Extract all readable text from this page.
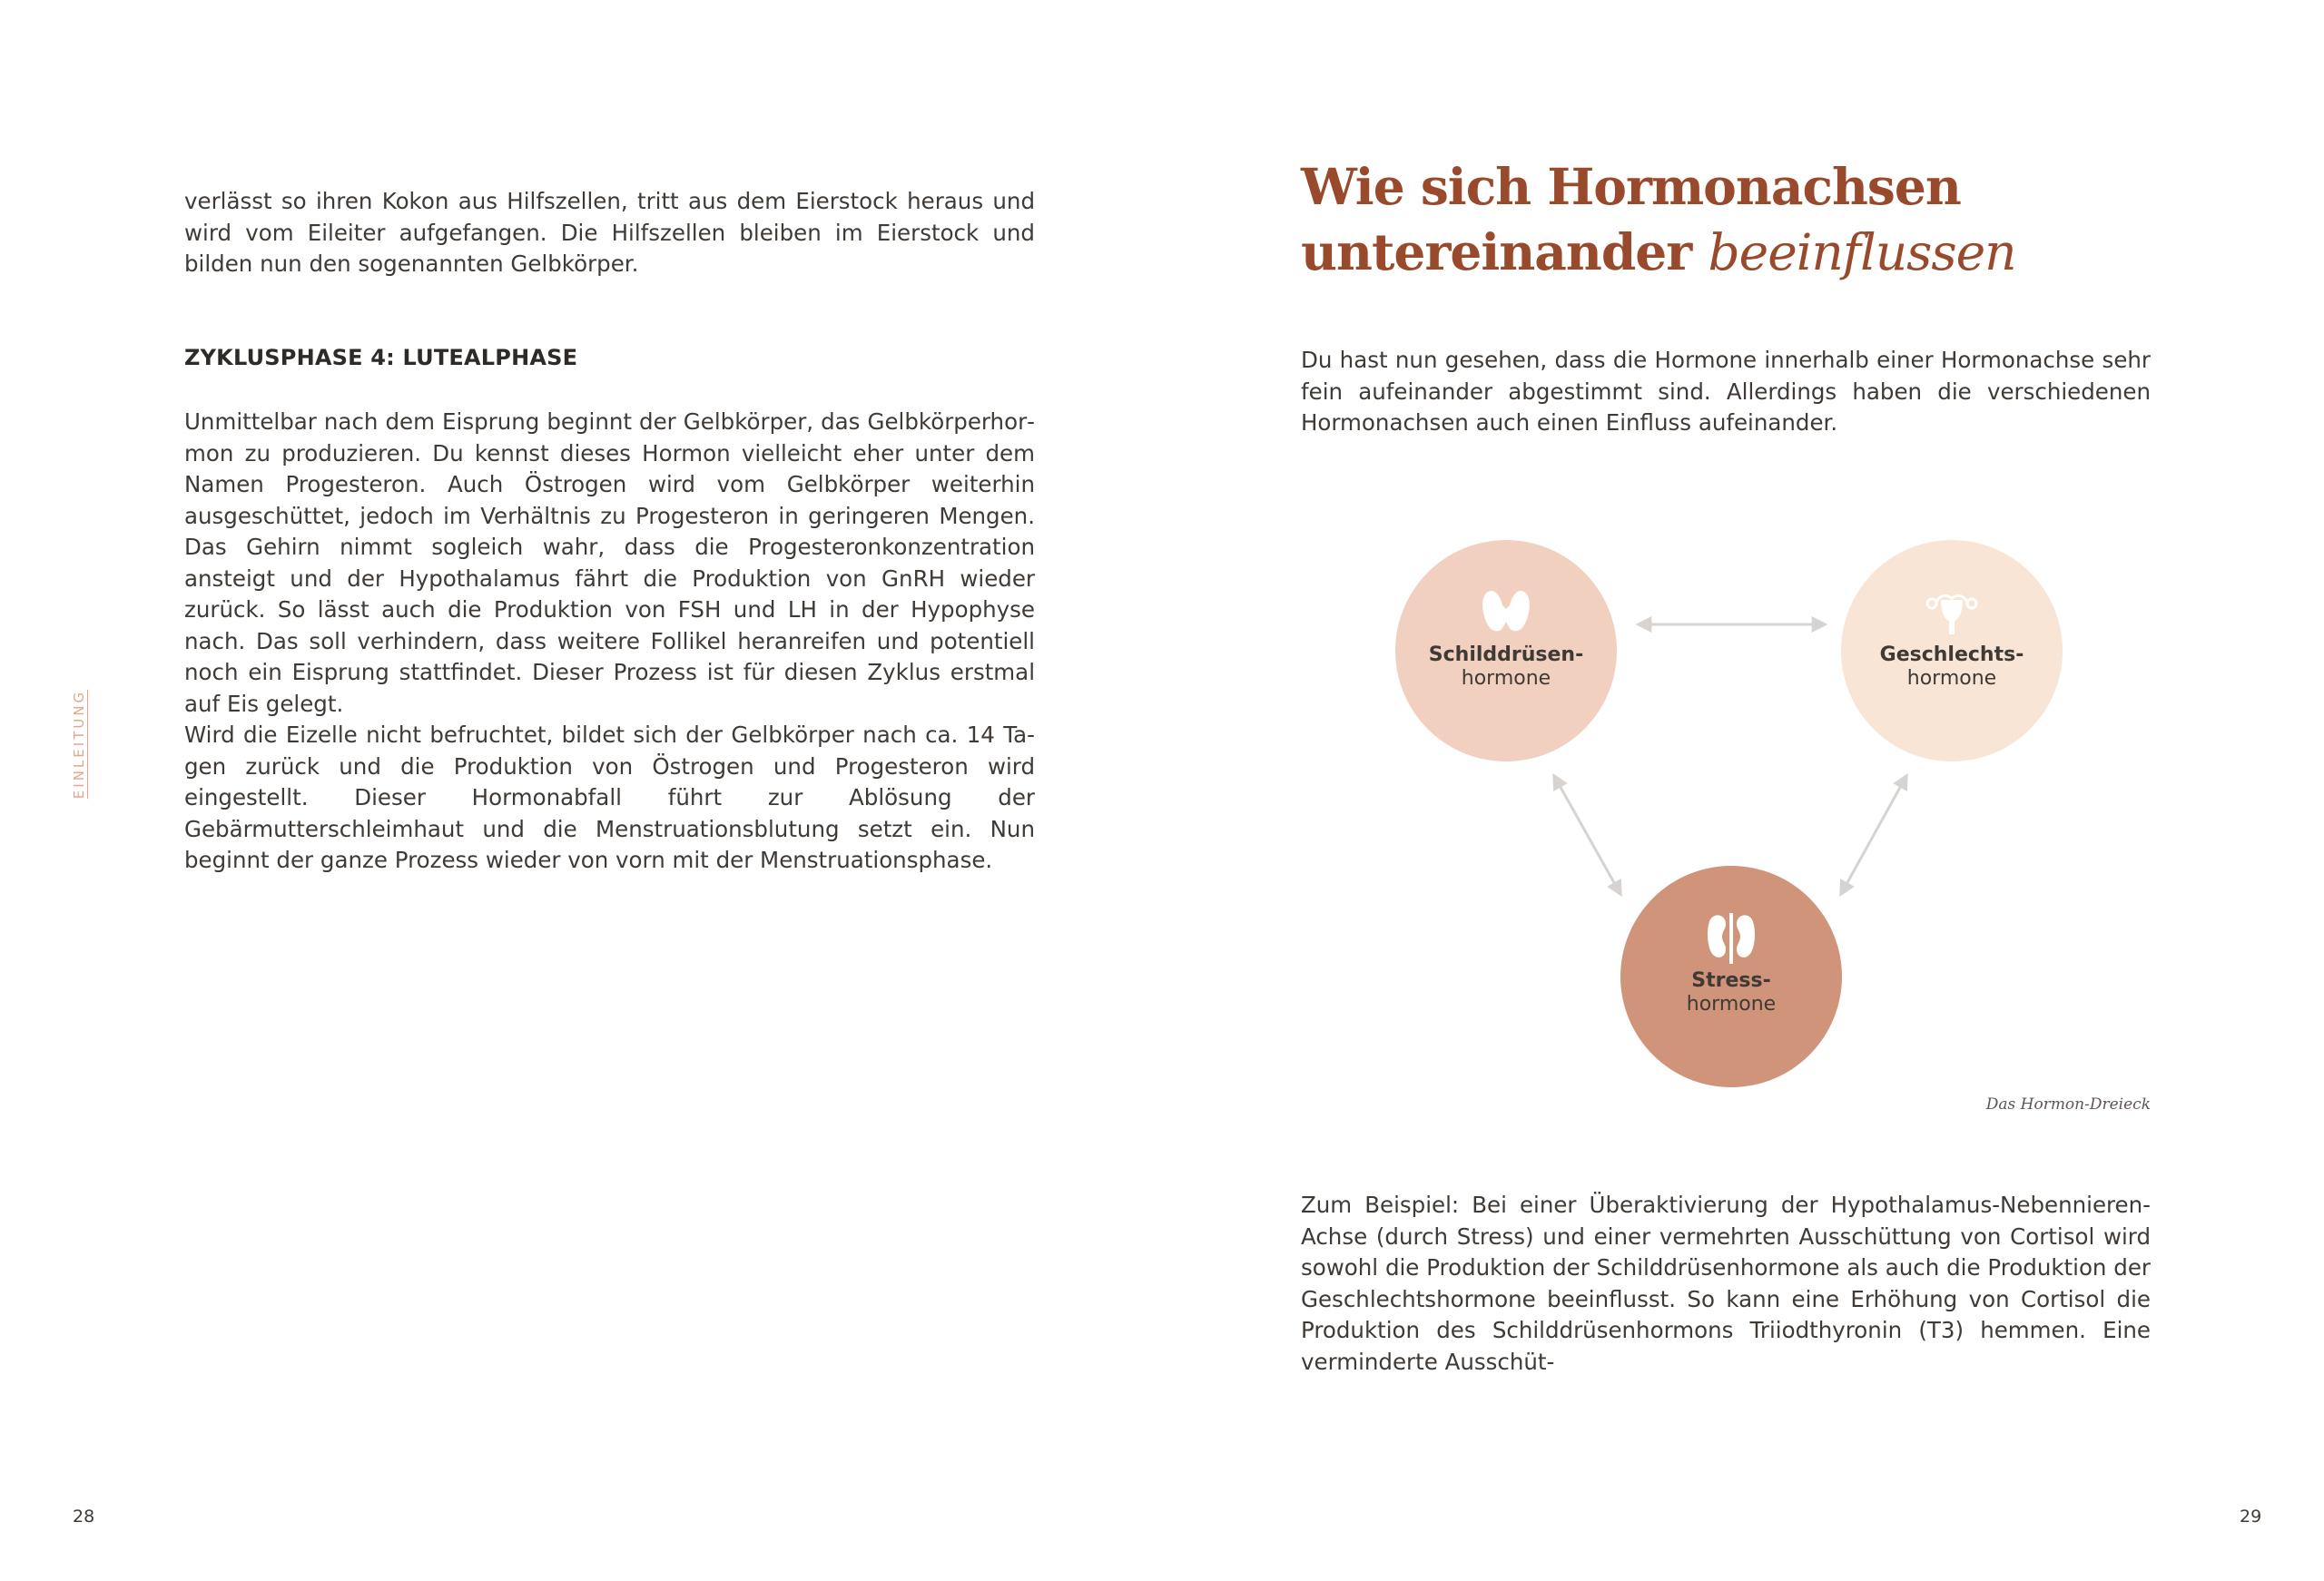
EINLEITUNG

verlässt so ihren Kokon aus Hilfszellen, tritt aus dem Eierstock heraus und wird vom Eileiter aufgefangen. Die Hilfszellen bleiben im Eierstock und bilden nun den sogenannten Gelbkörper.

ZYKLUSPHASE 4: LUTEALPHASE

Unmittelbar nach dem Eisprung beginnt der Gelbkörper, das Gelbkörperhormon zu produzieren. Du kennst dieses Hormon vielleicht eher unter dem Namen Progesteron. Auch Östrogen wird vom Gelbkörper weiterhin ausgeschüttet, jedoch im Verhältnis zu Progesteron in geringeren Mengen. Das Gehirn nimmt sogleich wahr, dass die Progesteronkonzentration ansteigt und der Hypothalamus fährt die Produktion von GnRH wieder zurück. So lässt auch die Produktion von FSH und LH in der Hypophyse nach. Das soll verhindern, dass weitere Follikel heranreifen und potentiell noch ein Eisprung stattfindet. Dieser Prozess ist für diesen Zyklus erstmal auf Eis gelegt.

Wird die Eizelle nicht befruchtet, bildet sich der Gelbkörper nach ca. 14 Tagen zurück und die Produktion von Östrogen und Progesteron wird eingestellt. Dieser Hormonabfall führt zur Ablösung der Gebärmutterschleimhaut und die Menstruationsblutung setzt ein. Nun beginnt der ganze Prozess wieder von vorn mit der Menstruationsphase.

28
Wie sich Hormonachsen
untereinander beeinflussen

Du hast nun gesehen, dass die Hormone innerhalb einer Hormonachse sehr fein aufeinander abgestimmt sind. Allerdings haben die verschiedenen Hormonachsen auch einen Einfluss aufeinander.

Schilddrüsen-
hormone
Geschlechts-
hormone
Stress-
hormone

Das Hormon-Dreieck

Zum Beispiel: Bei einer Überaktivierung der Hypothalamus-Nebennieren-Achse (durch Stress) und einer vermehrten Ausschüttung von Cortisol wird sowohl die Produktion der Schilddrüsenhormone als auch die Produktion der Geschlechtshormone beeinflusst. So kann eine Erhöhung von Cortisol die Produktion des Schilddrüsenhormons Triiodthyronin (T3) hemmen. Eine verminderte Ausschüt-

29
